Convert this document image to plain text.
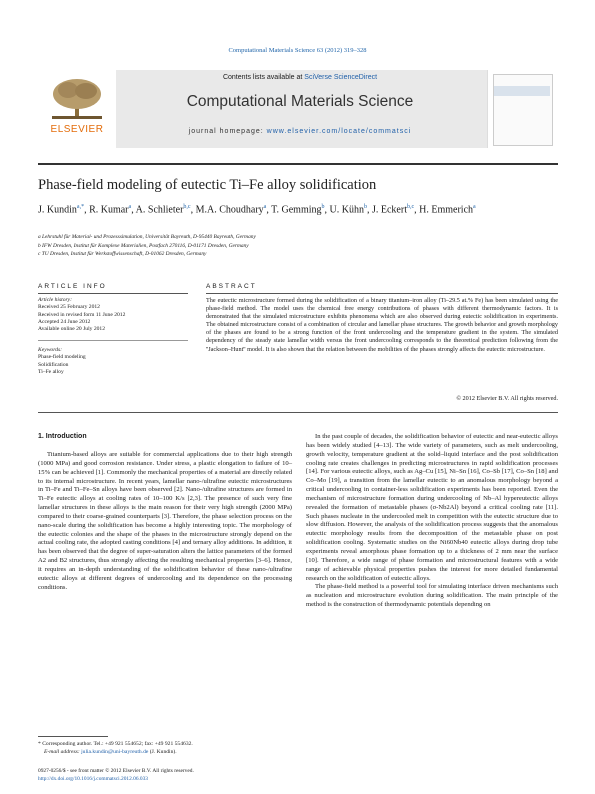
Computational Materials Science 63 (2012) 319–328
ELSEVIER
Contents lists available at SciVerse ScienceDirect
Computational Materials Science
journal homepage: www.elsevier.com/locate/commatsci
Phase-field modeling of eutectic Ti–Fe alloy solidification
J. Kundin$^{a,*}$, R. Kumar$^a$, A. Schlieter$^{b,c}$, M.A. Choudhary$^a$, T. Gemming$^b$, U. Kühn$^b$, J. Eckert$^{b,c}$, H. Emmerich$^a$
a Lehrstuhl für Material- und Prozesssimulation, Universität Bayreuth, D-95440 Bayreuth, Germany
b IFW Dresden, Institut für Komplexe Materialien, Postfach 270116, D-01171 Dresden, Germany
c TU Dresden, Institut für Werkstoffwissenschaft, D-01062 Dresden, Germany
ARTICLE INFO	ABSTRACT
Article history:
Received 25 February 2012
Received in revised form 11 June 2012
Accepted 24 June 2012
Available online 20 July 2012
Keywords:
Phase-field modeling
Solidification
Ti–Fe alloy
The eutectic microstructure formed during the solidification of a binary titanium–iron alloy (Ti–29.5 at.% Fe) has been simulated using the phase-field method. The model uses the chemical free energy contributions of phases with different thermodynamic factors. It is demonstrated that the simulated microstructure exhibits phenomena which are also observed during eutectic solidification in experiments. The obtained microstructure consist of a combination of circular and lamellar phase structures. The growth behavior and growth morphology of the phases are found to be a strong function of the front undercooling and the temperature gradient in the system. The simulated dependency of the steady state lamellar width versus the front undercooling corresponds to the theoretical prediction following from the ''Jackson–Hunt'' model. It is also shown that the relation between the mobilities of the phases strongly affects the eutectic microstructure.
© 2012 Elsevier B.V. All rights reserved.
1. Introduction

Titanium-based alloys are suitable for commercial applications due to their high strength (1000 MPa) and good corrosion resistance. Under stress, a plastic elongation to failure of 10–15% can be achieved [1]. Commonly the mechanical properties of a material are directly related to its internal microstructure. In recent years, lamellar nano-/ultrafine eutectic microstructures in Ti–Fe and Ti–Fe–Sn alloys have been observed [2]. Nano-/ultrafine structures are formed in Ti–Fe eutectic alloys at cooling rates of 10–100 K/s [2,3]. The presence of such very fine lamellar structures in these alloys is the main reason for their very high strength (2000 MPa) compared to their coarse-grained counterparts [3]. Therefore, the phase selection process on the nano-scale during the solidification has become a highly interesting topic. The morphology of the eutectic colonies and the shape of the phases in the microstructure strongly depend on the actual cooling rate, the adopted casting conditions [4] and ternary alloy additions. In addition, it has been observed that the degree of super-saturation alters the lattice parameters of the formed A2 and B2 structures, thus strongly affecting the resulting mechanical properties [3–6]. Hence, it requires an in-depth understanding of the solidification behavior of these nano-/ultrafine eutectic alloys at different degrees of undercooling and its dependence on the processing conditions.

In the past couple of decades, the solidification behavior of eutectic and near-eutectic alloys has been widely studied [4–13]. The wide variety of parameters, such as melt undercooling, growth velocity, temperature gradient at the solid–liquid interface and the post solidification cooling rate creates challenges in predicting microstructures in rapid solidification processes [14]. For various eutectic alloys, such as Ag–Cu [15], Ni–Sn [16], Co–Sb [17], Co–Sn [18] and Co–Mo [19], a transition from the lamellar eutectic to an anomalous morphology beyond a critical undercooling in container-less solidification experiments has been reported. Even the mechanism of microstructure formation during undercooling of Nb–Al hypereutectic alloys revealed the formation of metastable phases (σ-Nb2Al) beyond a critical cooling rate [11]. Such phases nucleate in the undercooled melt in competition with the eutectic structure due to slow diffusion. However, the analysis of the solidification process suggests that the anomalous eutectic morphology results from the decomposition of the metastable phase on post solidification cooling. Systematic studies on the Ni60Nb40 eutectic alloys during drop tube experiments reveal amorphous phase formation up to a thickness of 2 mm near the surface [10]. Therefore, a wide range of phase formation and microstructural features with a wide range of achievable physical properties pushes the interest for more detailed fundamental research on the solidification of eutectic alloys.

The phase-field method is a powerful tool for simulating interface driven mechanisms such as nucleation and microstructure evolution during solidification. The main principle of the method is the construction of thermodynamic potentials depending on

* Corresponding author. Tel.: +49 921 554652; fax: +49 921 554632.
E-mail address: julia.kundin@uni-bayreuth.de (J. Kundin).
0927-0256/$ - see front matter © 2012 Elsevier B.V. All rights reserved.
http://dx.doi.org/10.1016/j.commatsci.2012.06.033
